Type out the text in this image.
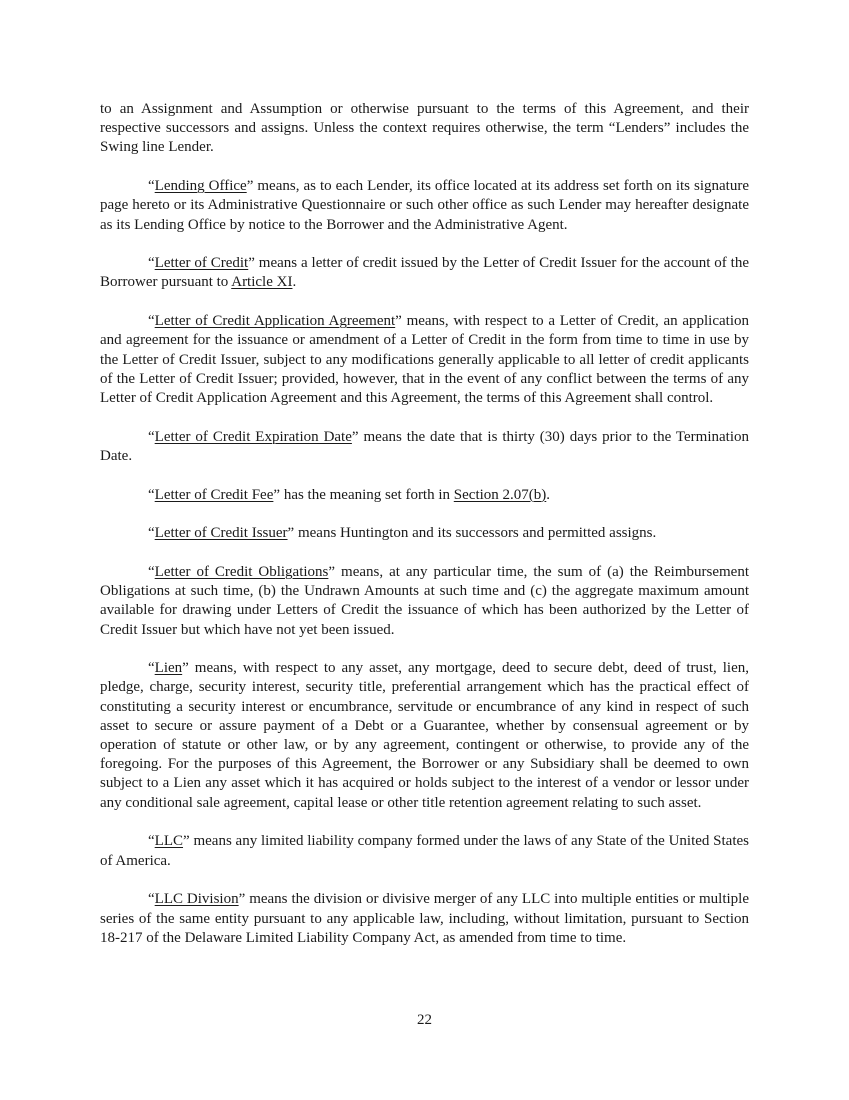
to an Assignment and Assumption or otherwise pursuant to the terms of this Agreement, and their respective successors and assigns. Unless the context requires otherwise, the term “Lenders” includes the Swing line Lender.

“Lending Office” means, as to each Lender, its office located at its address set forth on its signature page hereto or its Administrative Questionnaire or such other office as such Lender may hereafter designate as its Lending Office by notice to the Borrower and the Administrative Agent.

“Letter of Credit” means a letter of credit issued by the Letter of Credit Issuer for the account of the Borrower pursuant to Article XI.

“Letter of Credit Application Agreement” means, with respect to a Letter of Credit, an application and agreement for the issuance or amendment of a Letter of Credit in the form from time to time in use by the Letter of Credit Issuer, subject to any modifications generally applicable to all letter of credit applicants of the Letter of Credit Issuer; provided, however, that in the event of any conflict between the terms of any Letter of Credit Application Agreement and this Agreement, the terms of this Agreement shall control.

“Letter of Credit Expiration Date” means the date that is thirty (30) days prior to the Termination Date.

“Letter of Credit Fee” has the meaning set forth in Section 2.07(b).

“Letter of Credit Issuer” means Huntington and its successors and permitted assigns.

“Letter of Credit Obligations” means, at any particular time, the sum of (a) the Reimbursement Obligations at such time, (b) the Undrawn Amounts at such time and (c) the aggregate maximum amount available for drawing under Letters of Credit the issuance of which has been authorized by the Letter of Credit Issuer but which have not yet been issued.

“Lien” means, with respect to any asset, any mortgage, deed to secure debt, deed of trust, lien, pledge, charge, security interest, security title, preferential arrangement which has the practical effect of constituting a security interest or encumbrance, servitude or encumbrance of any kind in respect of such asset to secure or assure payment of a Debt or a Guarantee, whether by consensual agreement or by operation of statute or other law, or by any agreement, contingent or otherwise, to provide any of the foregoing. For the purposes of this Agreement, the Borrower or any Subsidiary shall be deemed to own subject to a Lien any asset which it has acquired or holds subject to the interest of a vendor or lessor under any conditional sale agreement, capital lease or other title retention agreement relating to such asset.

“LLC” means any limited liability company formed under the laws of any State of the United States of America.

“LLC Division” means the division or divisive merger of any LLC into multiple entities or multiple series of the same entity pursuant to any applicable law, including, without limitation, pursuant to Section 18-217 of the Delaware Limited Liability Company Act, as amended from time to time.

22
